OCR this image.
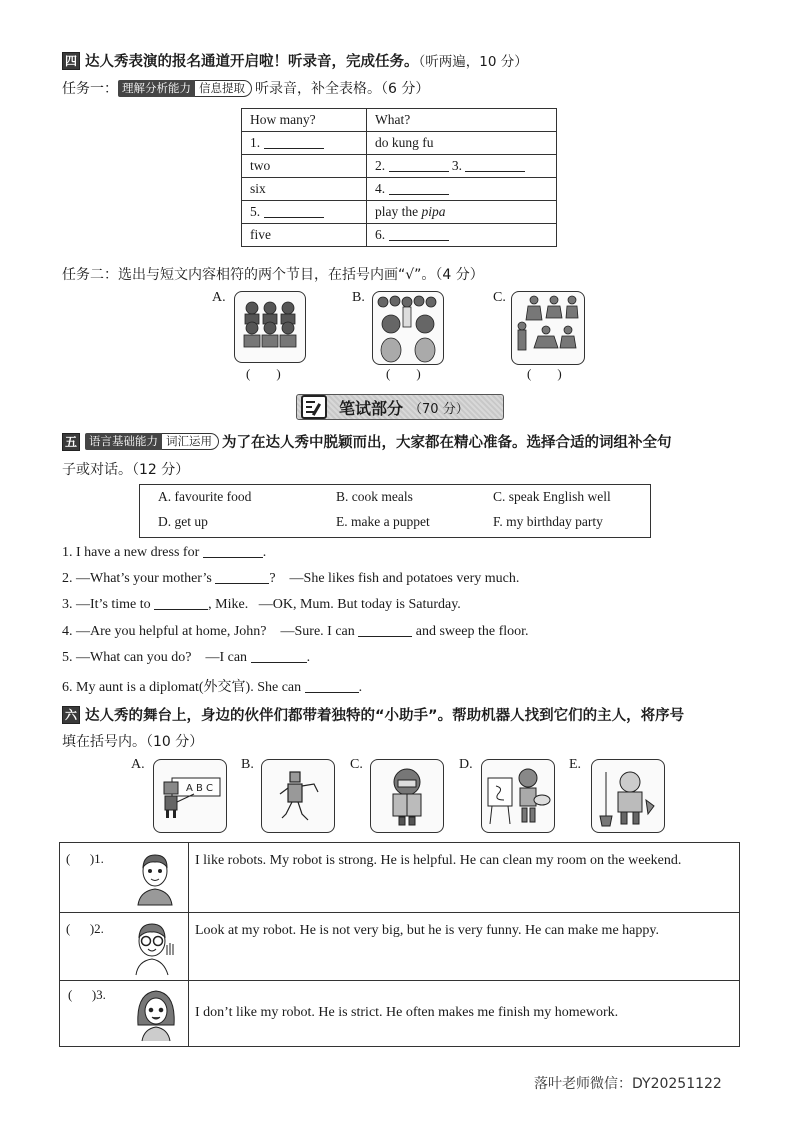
四 达人秀表演的报名通道开启啦！听录音，完成任务。（听两遍，10 分）
任务一： 理解分析能力 信息提取 听录音，补全表格。（6 分）
How many?	What?
1.	do kung fu
two	2. 3.
six	4.
5.	play the pipa
five	6.
任务二：选出与短文内容相符的两个节目，在括号内画“√”。（4 分）
A.
(        )
B.
(        )
C.
(        )
笔试部分 （70 分）
五	语言基础能力 词汇运用 为了在达人秀中脱颖而出，大家都在精心准备。选择合适的词组补全句
子或对话。（12 分）
A. favourite food	B. cook meals	C. speak English well
D. get up	E. make a puppet	F. my birthday party
1. I have a new dress for	.
2. —What’s your mother’s	?    —She likes fish and potatoes very much.
3. —It’s time to	, Mike.   —OK, Mum. But today is Saturday.
4. —Are you helpful at home, John?    —Sure. I can	and sweep the floor.
5. —What can you do?    —I can	.
6. My aunt is a diplomat(外交官). She can	.
六 达人秀的舞台上，身边的伙伴们都带着独特的“小助手”。帮助机器人找到它们的主人，将序号
填在括号内。（10 分）
A.
A B C
B.	C.	D.	E.
(      )1.	I like robots. My robot is strong. He is helpful. He can clean my room on the weekend.

(      )2.	Look at my robot. He is not very big, but he is very funny. He can make me happy.

(      )3.	I don’t like my robot. He is strict. He often makes me finish my homework.
落叶老师微信：DY20251122
